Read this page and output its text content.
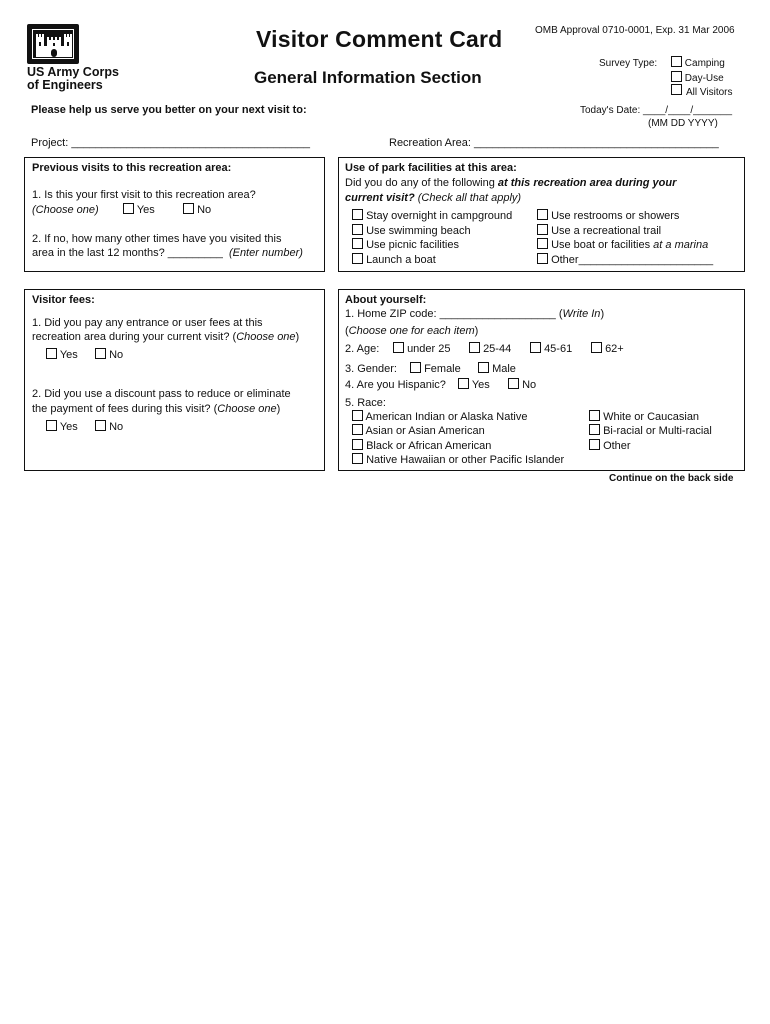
US Army Corps
of Engineers
Visitor Comment Card
General Information Section
OMB Approval 0710-0001, Exp. 31 Mar 2006
Survey Type:	Camping
Day-Use
All Visitors
Please help us serve you better on your next visit to:	Today's Date: ____/____/_______
(MM DD YYYY)
Project: _______________________________________	Recreation Area: ________________________________________
Previous visits to this recreation area:
1. Is this your first visit to this recreation area?
(Choose one)	Yes	No
2. If no, how many other times have you visited this
area in the last 12 months? _________ (Enter number)
Use of park facilities at this area:
Did you do any of the following at this recreation area during your
current visit? (Check all that apply)
Stay overnight in campground
Use swimming beach
Use picnic facilities
Launch a boat
Use restrooms or showers
Use a recreational trail
Use boat or facilities at a marina
Other______________________
Visitor fees:
1. Did you pay any entrance or user fees at this
recreation area during your current visit? (Choose one)
Yes	No
2. Did you use a discount pass to reduce or eliminate
the payment of fees during this visit? (Choose one)
Yes	No
About yourself:
1. Home ZIP code: ___________________ (Write In)
(Choose one for each item)
2. Age:	under 25	25-44	45-61	62+
3. Gender:	Female	Male
4. Are you Hispanic?	Yes	No
5. Race:
American Indian or Alaska Native
Asian or Asian American
Black or African American
Native Hawaiian or other Pacific Islander
White or Caucasian
Bi-racial or Multi-racial
Other
Continue on the back side
